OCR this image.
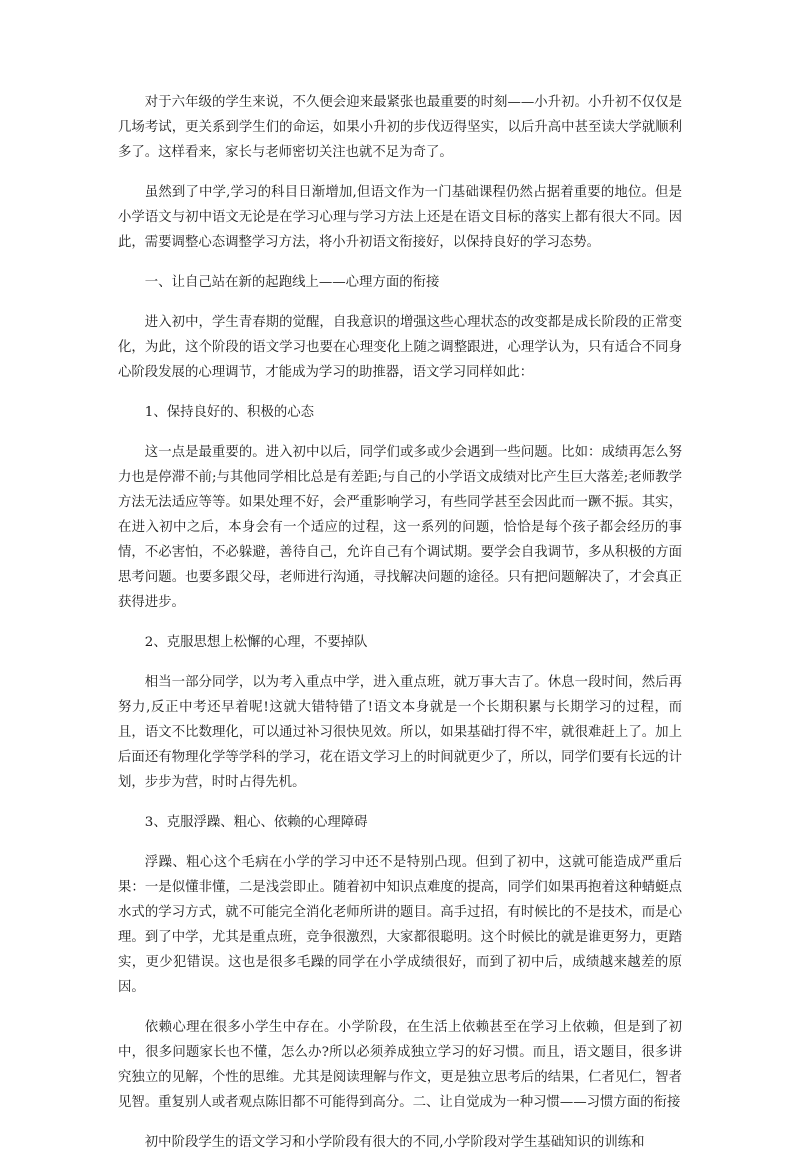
对于六年级的学生来说，不久便会迎来最紧张也最重要的时刻——小升初。小升初不仅仅是几场考试，更关系到学生们的命运，如果小升初的步伐迈得坚实，以后升高中甚至读大学就顺利多了。这样看来，家长与老师密切关注也就不足为奇了。

虽然到了中学,学习的科目日渐增加,但语文作为一门基础课程仍然占据着重要的地位。但是小学语文与初中语文无论是在学习心理与学习方法上还是在语文目标的落实上都有很大不同。因此，需要调整心态调整学习方法，将小升初语文衔接好，以保持良好的学习态势。

一、让自己站在新的起跑线上——心理方面的衔接

进入初中，学生青春期的觉醒，自我意识的增强这些心理状态的改变都是成长阶段的正常变化，为此，这个阶段的语文学习也要在心理变化上随之调整跟进，心理学认为，只有适合不同身心阶段发展的心理调节，才能成为学习的助推器，语文学习同样如此：

1、保持良好的、积极的心态

这一点是最重要的。进入初中以后，同学们或多或少会遇到一些问题。比如：成绩再怎么努力也是停滞不前;与其他同学相比总是有差距;与自己的小学语文成绩对比产生巨大落差;老师教学方法无法适应等等。如果处理不好，会严重影响学习，有些同学甚至会因此而一蹶不振。其实，在进入初中之后，本身会有一个适应的过程，这一系列的问题，恰恰是每个孩子都会经历的事情，不必害怕，不必躲避，善待自己，允许自己有个调试期。要学会自我调节，多从积极的方面思考问题。也要多跟父母，老师进行沟通，寻找解决问题的途径。只有把问题解决了，才会真正获得进步。

2、克服思想上松懈的心理，不要掉队

相当一部分同学，以为考入重点中学，进入重点班，就万事大吉了。休息一段时间，然后再努力,反正中考还早着呢!这就大错特错了!语文本身就是一个长期积累与长期学习的过程，而且，语文不比数理化，可以通过补习很快见效。所以，如果基础打得不牢，就很难赶上了。加上后面还有物理化学等学科的学习，花在语文学习上的时间就更少了，所以，同学们要有长远的计划，步步为营，时时占得先机。

3、克服浮躁、粗心、依赖的心理障碍

浮躁、粗心这个毛病在小学的学习中还不是特别凸现。但到了初中，这就可能造成严重后果：一是似懂非懂，二是浅尝即止。随着初中知识点难度的提高，同学们如果再抱着这种蜻蜓点水式的学习方式，就不可能完全消化老师所讲的题目。高手过招，有时候比的不是技术，而是心理。到了中学，尤其是重点班，竞争很激烈，大家都很聪明。这个时候比的就是谁更努力，更踏实，更少犯错误。这也是很多毛躁的同学在小学成绩很好，而到了初中后，成绩越来越差的原因。

依赖心理在很多小学生中存在。小学阶段，在生活上依赖甚至在学习上依赖，但是到了初中，很多问题家长也不懂，怎么办?所以必须养成独立学习的好习惯。而且，语文题目，很多讲究独立的见解，个性的思维。尤其是阅读理解与作文，更是独立思考后的结果，仁者见仁，智者见智。重复别人或者观点陈旧都不可能得到高分。二、让自觉成为一种习惯——习惯方面的衔接

初中阶段学生的语文学习和小学阶段有很大的不同,小学阶段对学生基础知识的训练和
